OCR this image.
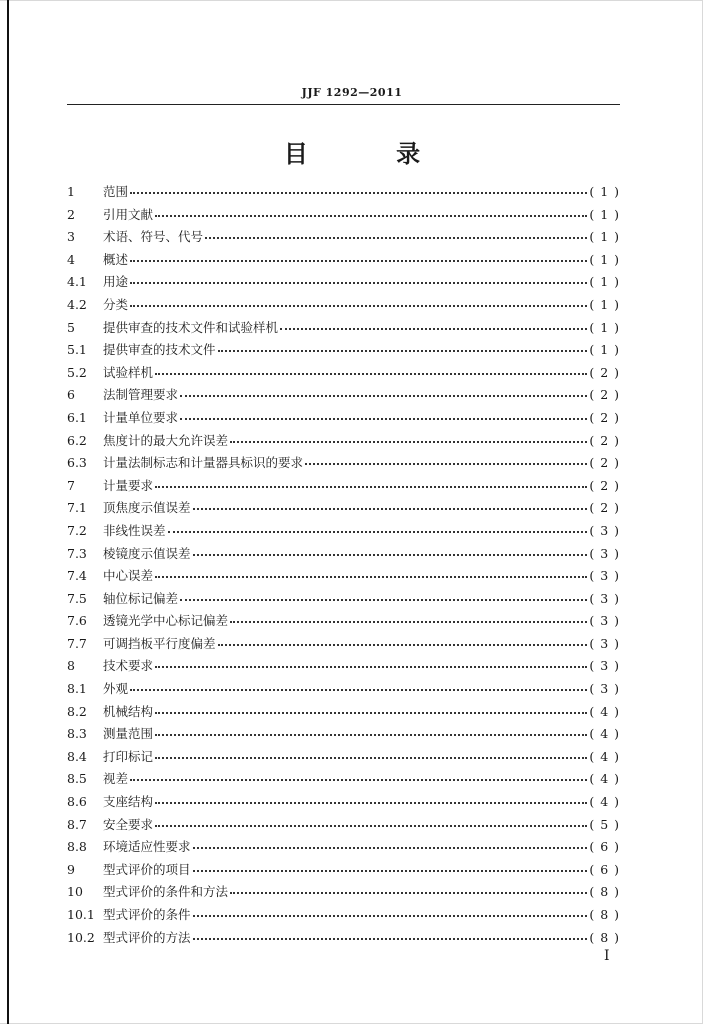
JJF 1292—2011
目 录
1	范围	( 1 )
2	引用文献	( 1 )
3	术语、符号、代号	( 1 )
4	概述	( 1 )
4.1	用途	( 1 )
4.2	分类	( 1 )
5	提供审查的技术文件和试验样机	( 1 )
5.1	提供审查的技术文件	( 1 )
5.2	试验样机	( 2 )
6	法制管理要求	( 2 )
6.1	计量单位要求	( 2 )
6.2	焦度计的最大允许误差	( 2 )
6.3	计量法制标志和计量器具标识的要求	( 2 )
7	计量要求	( 2 )
7.1	顶焦度示值误差	( 2 )
7.2	非线性误差	( 3 )
7.3	棱镜度示值误差	( 3 )
7.4	中心误差	( 3 )
7.5	轴位标记偏差	( 3 )
7.6	透镜光学中心标记偏差	( 3 )
7.7	可调挡板平行度偏差	( 3 )
8	技术要求	( 3 )
8.1	外观	( 3 )
8.2	机械结构	( 4 )
8.3	测量范围	( 4 )
8.4	打印标记	( 4 )
8.5	视差	( 4 )
8.6	支座结构	( 4 )
8.7	安全要求	( 5 )
8.8	环境适应性要求	( 6 )
9	型式评价的项目	( 6 )
10	型式评价的条件和方法	( 8 )
10.1 型式评价的条件	( 8 )
10.2 型式评价的方法	( 8 )
I
